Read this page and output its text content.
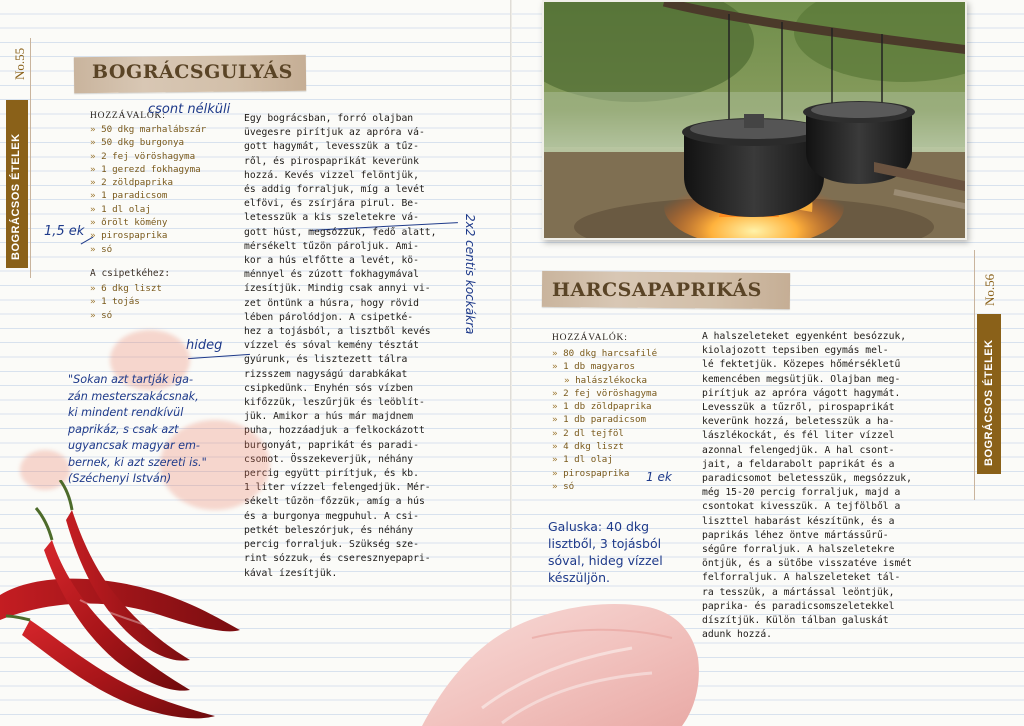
No.55
BOGRÁCSOS ÉTELEK
BOGRÁCSGULYÁS
HOZZÁVALÓK:
» 50 dkg marhalábszár
» 50 dkg burgonya
» 2 fej vöröshagyma
» 1 gerezd fokhagyma
» 2 zöldpaprika
» 1 paradicsom
» 1 dl olaj
» őrölt kömény
» pirospaprika
» só
A csipetkéhez:
» 6 dkg liszt
» 1 tojás
» só
csont nélküli
1,5 ek
hideg
2x2 centis kockákra
Egy bográcsban, forró olajban
üvegesre pirítjuk az apróra vá-
gott hagymát, levesszük a tűz-
ről, és pirospaprikát keverünk
hozzá. Kevés vizzel felöntjük,
és addig forraljuk, míg a levét
elfövi, és zsírjára pirul. Be-
letesszük a kis szeletekre vá-
gott húst, megsózzuk, fedő alatt,
mérsékelt tűzön pároljuk. Ami-
kor a hús elfőtte a levét, kö-
ménnyel és zúzott fokhagymával
ízesítjük. Mindig csak annyi vi-
zet öntünk a húsra, hogy rövid
lében párolódjon. A csipetké-
hez a tojásból, a lisztből kevés
vízzel és sóval kemény tésztát
gyúrunk, és lisztezett tálra
rizsszem nagyságú darabkákat
csipkedünk. Enyhén sós vízben
kifőzzük, leszűrjük és leöblít-
jük. Amikor a hús már majdnem
puha, hozzáadjuk a felkockázott
burgonyát, paprikát és paradi-
csomot. Összekeverjük, néhány
percig együtt pirítjuk, és kb.
1 liter vízzel felengedjük. Mér-
sékelt tűzön főzzük, amíg a hús
és a burgonya megpuhul. A csi-
petkét beleszórjuk, és néhány
percig forraljuk. Szükség sze-
rint sózzuk, és cseresznyepapri-
kával ízesítjük.
"Sokan azt tartják iga-
zán mesterszakácsnak,
ki mindent rendkívül
paprikáz, s csak azt
ugyancsak magyar em-
bernek, ki azt szereti is."
(Széchenyi István)
BOGRÁCSOS ÉTELEK
No.56
HARCSAPAPRIKÁS
HOZZÁVALÓK:
» 80 dkg harcsafilé
» 1 db magyaros
» halászlékocka
» 2 fej vöröshagyma
» 1 db zöldpaprika
» 1 db paradicsom
» 2 dl tejföl
» 4 dkg liszt
» 1 dl olaj
» pirospaprika
» só
1 ek
Galuska: 40 dkg
lisztből, 3 tojásból
sóval, hideg vízzel
készüljön.
A halszeleteket egyenként besózzuk,
kiolajozott tepsiben egymás mel-
lé fektetjük. Közepes hőmérsékletű
kemencében megsütjük. Olajban meg-
pirítjuk az apróra vágott hagymát.
Levesszük a tűzről, pirospaprikát
keverünk hozzá, beletesszük a ha-
lászlékockát, és fél liter vízzel
azonnal felengedjük. A hal csont-
jait, a feldarabolt paprikát és a
paradicsomot beletesszük, megsózzuk,
még 15-20 percig forraljuk, majd a
csontokat kivesszük. A tejfölből a
liszttel habarást készítünk, és a
paprikás léhez öntve mártássűrű-
ségűre forraljuk. A halszeletekre
öntjük, és a sütőbe visszatéve ismét
felforraljuk. A halszeleteket tál-
ra tesszük, a mártással leöntjük,
paprika- és paradicsomszeletekkel
díszítjük. Külön tálban galuskát
adunk hozzá.
